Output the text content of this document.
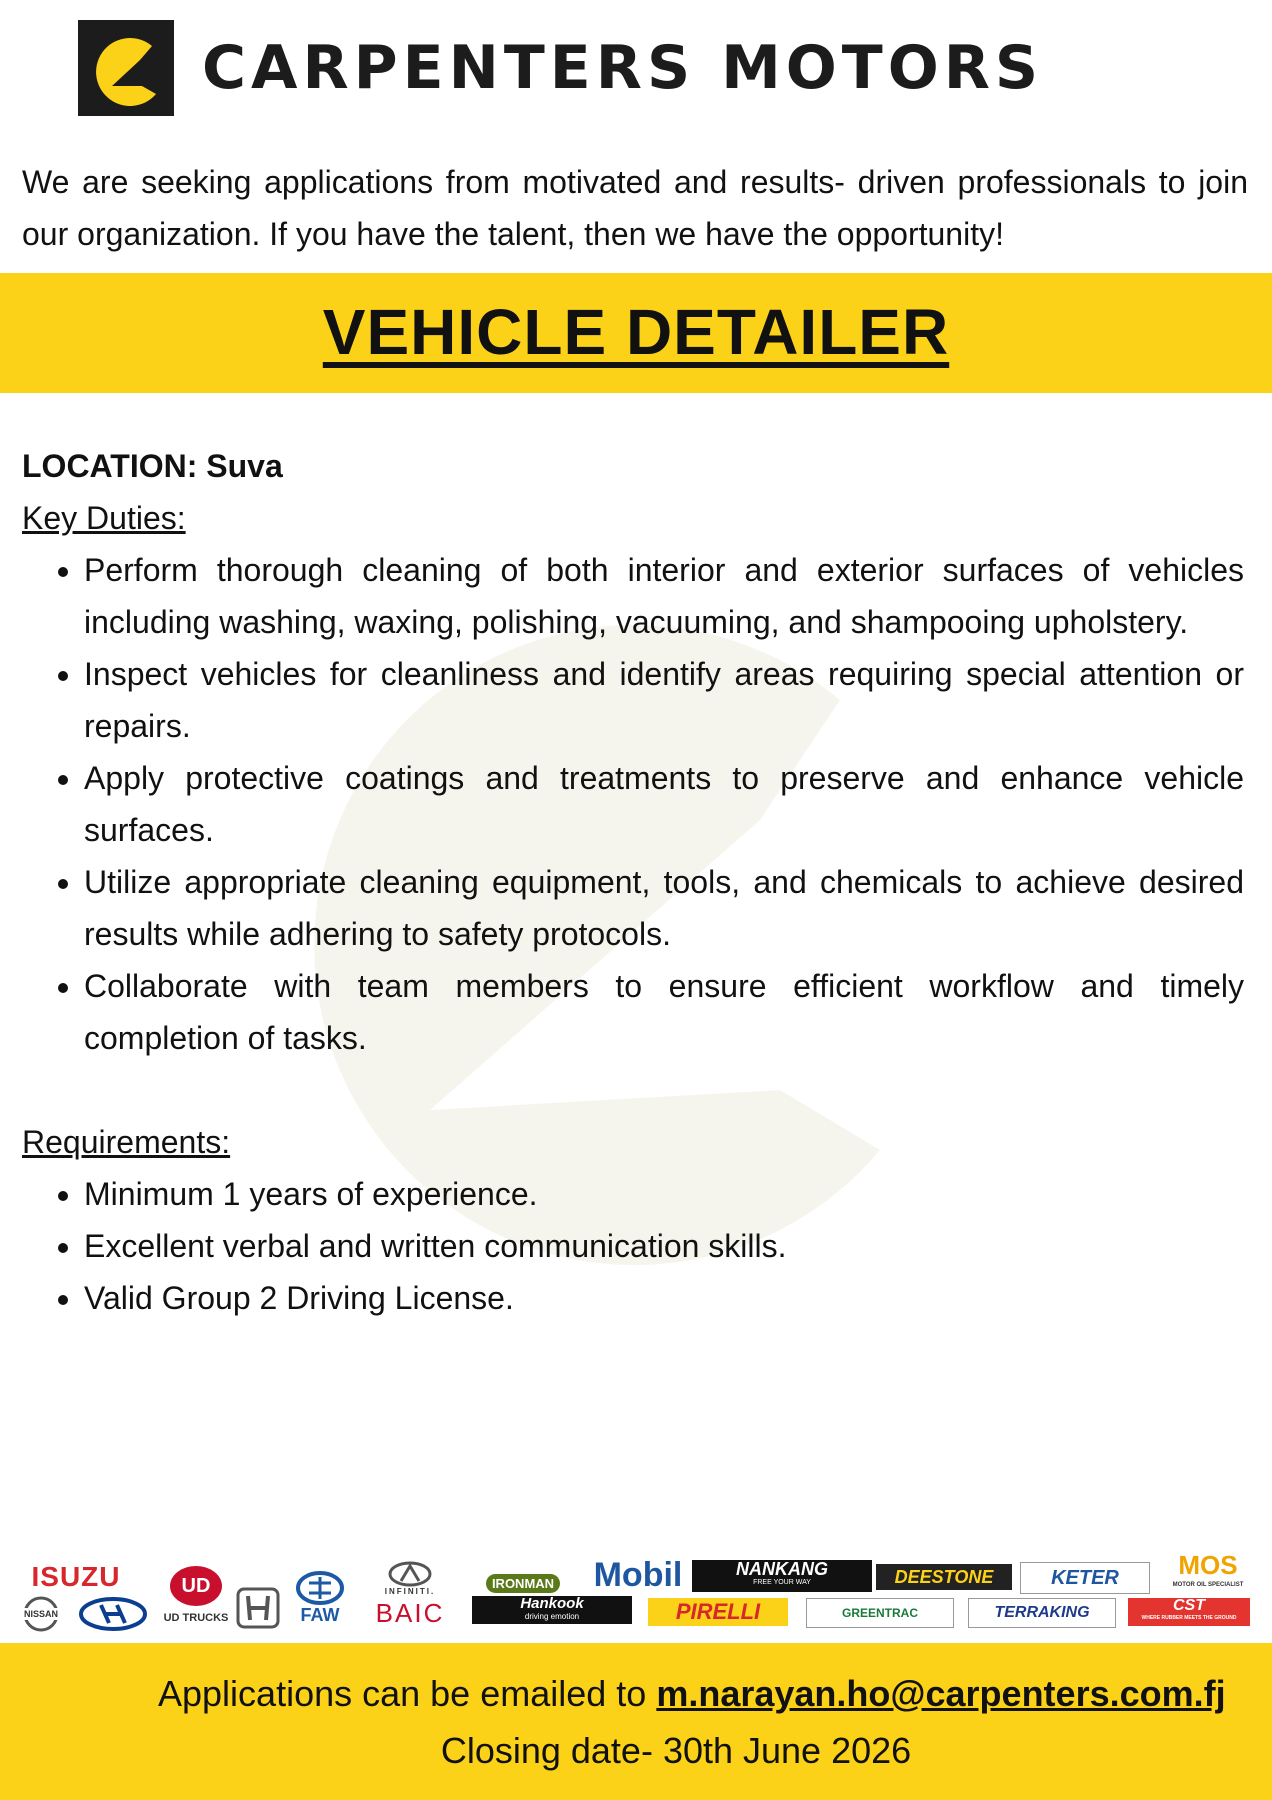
CARPENTERS MOTORS
We are seeking applications from motivated and results- driven professionals to join our organization. If you have the talent, then we have the opportunity!
VEHICLE DETAILER

LOCATION: Suva

Key Duties:

• Perform thorough cleaning of both interior and exterior surfaces of vehicles including washing, waxing, polishing, vacuuming, and shampooing upholstery.
• Inspect vehicles for cleanliness and identify areas requiring special attention or repairs.
• Apply protective coatings and treatments to preserve and enhance vehicle surfaces.
• Utilize appropriate cleaning equipment, tools, and chemicals to achieve desired results while adhering to safety protocols.
• Collaborate with team members to ensure efficient workflow and timely completion of tasks.

Requirements:

• Minimum 1 years of experience.
• Excellent verbal and written communication skills.
• Valid Group 2 Driving License.
ISUZU
NISSAN
UD
UD TRUCKS	FAW
INFINITI.
BAIC
IRONMAN
Hankook
driving emotion
Mobil
PIRELLI
NANKANG
FREE YOUR WAY
GREENTRAC
DEESTONE
TERRAKING
KETER	MOS
MOTOR OIL SPECIALIST
CST
WHERE RUBBER MEETS THE GROUND
Applications can be emailed to m.narayan.ho@carpenters.com.fj
Closing date- 30th June 2026
